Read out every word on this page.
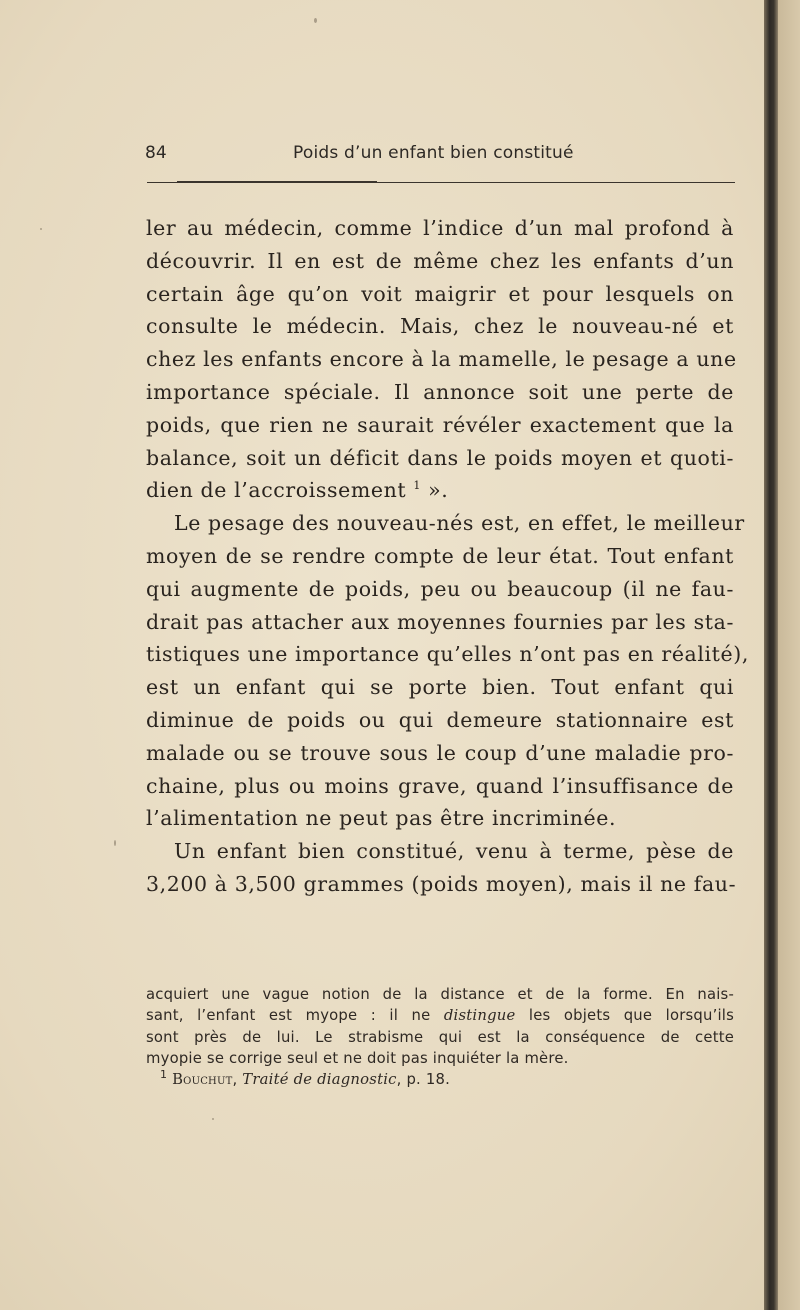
84	Poids d’un enfant bien constitué
ler au médecin, comme l’indice d’un mal profond à
découvrir. Il en est de même chez les enfants d’un
certain âge qu’on voit maigrir et pour lesquels on
consulte le médecin. Mais, chez le nouveau-né et
chez les enfants encore à la mamelle, le pesage a une
importance spéciale. Il annonce soit une perte de
poids, que rien ne saurait révéler exactement que la
balance, soit un déficit dans le poids moyen et quoti-
dien de l’accroissement $^1$ ».
Le pesage des nouveau-nés est, en effet, le meilleur
moyen de se rendre compte de leur état. Tout enfant
qui augmente de poids, peu ou beaucoup (il ne fau-
drait pas attacher aux moyennes fournies par les sta-
tistiques une importance qu’elles n’ont pas en réalité),
est un enfant qui se porte bien. Tout enfant qui
diminue de poids ou qui demeure stationnaire est
malade ou se trouve sous le coup d’une maladie pro-
chaine, plus ou moins grave, quand l’insuffisance de
l’alimentation ne peut pas être incriminée.
Un enfant bien constitué, venu à terme, pèse de
3,200 à 3,500 grammes (poids moyen), mais il ne fau-
acquiert une vague notion de la distance et de la forme. En nais-
sant, l’enfant est myope : il ne distingue les objets que lorsqu’ils
sont près de lui. Le strabisme qui est la conséquence de cette
myopie se corrige seul et ne doit pas inquiéter la mère.
$^1$ Bouchut, Traité de diagnostic, p. 18.
